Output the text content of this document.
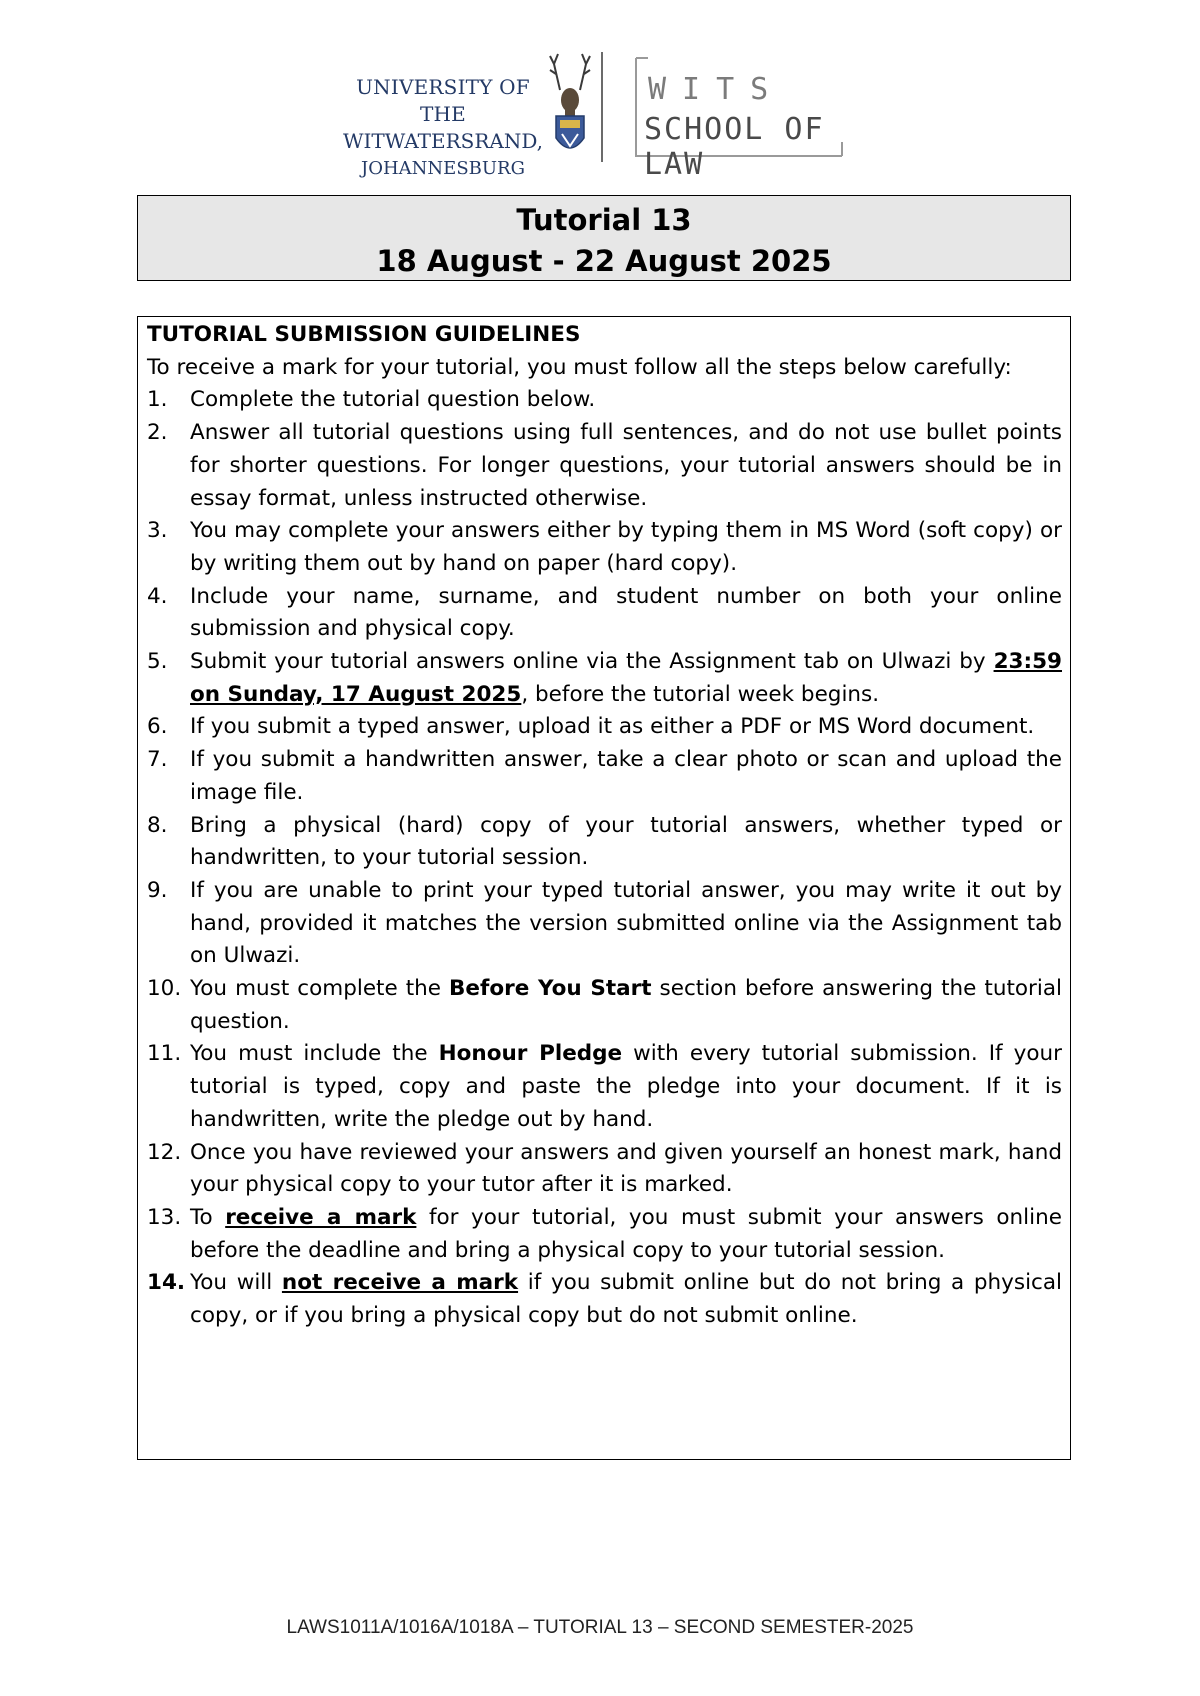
UNIVERSITY OF THE
WITWATERSRAND,
JOHANNESBURG
WITS
SCHOOL OF LAW
Tutorial 13
18 August - 22 August 2025
TUTORIAL SUBMISSION GUIDELINES
To receive a mark for your tutorial, you must follow all the steps below carefully:
1. Complete the tutorial question below.
2. Answer all tutorial questions using full sentences, and do not use bullet points for shorter questions. For longer questions, your tutorial answers should be in essay format, unless instructed otherwise.
3. You may complete your answers either by typing them in MS Word (soft copy) or by writing them out by hand on paper (hard copy).
4. Include your name, surname, and student number on both your online submission and physical copy.
5. Submit your tutorial answers online via the Assignment tab on Ulwazi by 23:59 on Sunday, 17 August 2025, before the tutorial week begins.
6. If you submit a typed answer, upload it as either a PDF or MS Word document.
7. If you submit a handwritten answer, take a clear photo or scan and upload the image file.
8. Bring a physical (hard) copy of your tutorial answers, whether typed or handwritten, to your tutorial session.
9. If you are unable to print your typed tutorial answer, you may write it out by hand, provided it matches the version submitted online via the Assignment tab on Ulwazi.
10. You must complete the Before You Start section before answering the tutorial question.
11. You must include the Honour Pledge with every tutorial submission. If your tutorial is typed, copy and paste the pledge into your document. If it is handwritten, write the pledge out by hand.
12. Once you have reviewed your answers and given yourself an honest mark, hand your physical copy to your tutor after it is marked.
13. To receive a mark for your tutorial, you must submit your answers online before the deadline and bring a physical copy to your tutorial session.
14. You will not receive a mark if you submit online but do not bring a physical copy, or if you bring a physical copy but do not submit online.
LAWS1011A/1016A/1018A – TUTORIAL 13 – SECOND SEMESTER-2025
